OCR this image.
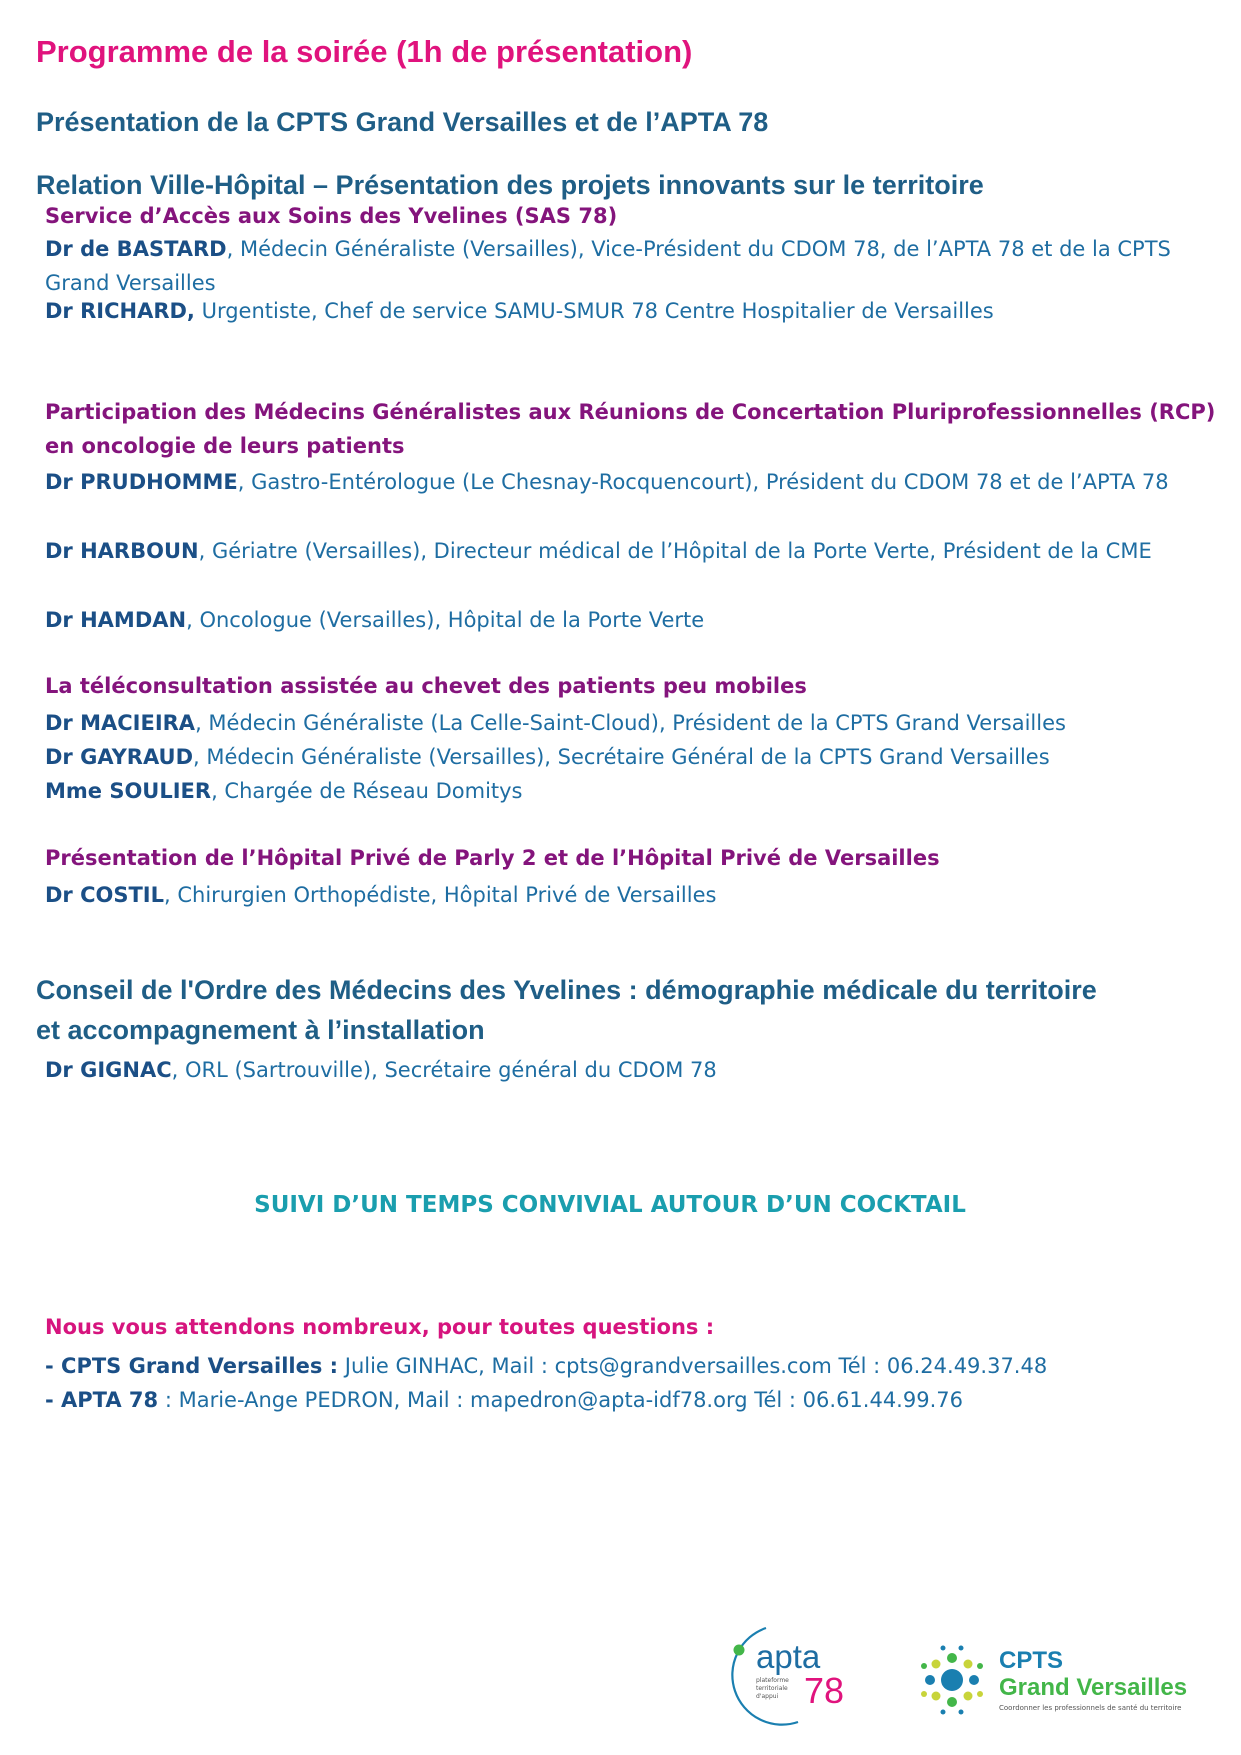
Programme de la soirée (1h de présentation)
Présentation de la CPTS Grand Versailles et de l’APTA 78
Relation Ville-Hôpital – Présentation des projets innovants sur le territoire
Service d’Accès aux Soins des Yvelines (SAS 78)
Dr de BASTARD, Médecin Généraliste (Versailles), Vice-Président du CDOM 78, de l’APTA 78 et de la CPTS Grand Versailles
Dr RICHARD, Urgentiste, Chef de service SAMU-SMUR 78 Centre Hospitalier de Versailles
Participation des Médecins Généralistes aux Réunions de Concertation Pluriprofessionnelles (RCP)
en oncologie de leurs patients
Dr PRUDHOMME, Gastro-Entérologue (Le Chesnay-Rocquencourt), Président du CDOM 78 et de l’APTA 78
Dr HARBOUN, Gériatre (Versailles), Directeur médical de l’Hôpital de la Porte Verte, Président de la CME
Dr HAMDAN, Oncologue (Versailles), Hôpital de la Porte Verte
La téléconsultation assistée au chevet des patients peu mobiles
Dr MACIEIRA, Médecin Généraliste (La Celle-Saint-Cloud), Président de la CPTS Grand Versailles
Dr GAYRAUD, Médecin Généraliste (Versailles), Secrétaire Général de la CPTS Grand Versailles
Mme SOULIER, Chargée de Réseau Domitys
Présentation de l’Hôpital Privé de Parly 2 et de l’Hôpital Privé de Versailles
Dr COSTIL, Chirurgien Orthopédiste, Hôpital Privé de Versailles
Conseil de l'Ordre des Médecins des Yvelines : démographie médicale du territoire
et accompagnement à l’installation
Dr GIGNAC, ORL (Sartrouville), Secrétaire général du CDOM 78
SUIVI D’UN TEMPS CONVIVIAL AUTOUR D’UN COCKTAIL
Nous vous attendons nombreux, pour toutes questions :
- CPTS Grand Versailles : Julie GINHAC, Mail : cpts@grandversailles.com Tél : 06.24.49.37.48
- APTA 78 : Marie-Ange PEDRON, Mail : mapedron@apta-idf78.org Tél : 06.61.44.99.76
apta
plateforme
territoriale
d'appui 78
CPTS
Grand Versailles
Coordonner les professionnels de santé du territoire
